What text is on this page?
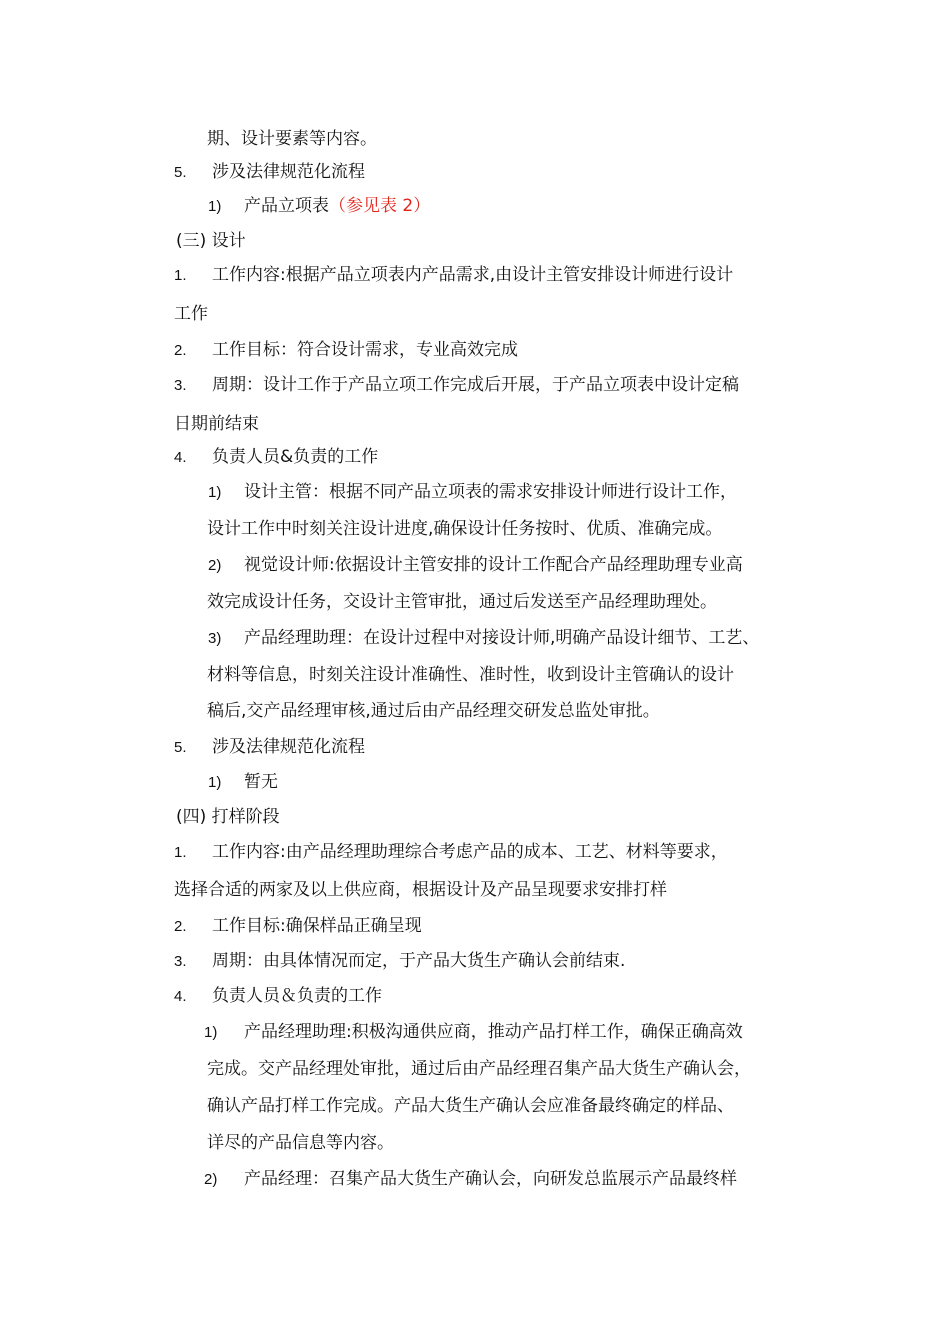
期、设计要素等内容。
5. 涉及法律规范化流程
1) 产品立项表（参见表 2）
(三) 设计
1. 工作内容:根据产品立项表内产品需求,由设计主管安排设计师进行设计
工作
2. 工作目标：符合设计需求，专业高效完成
3. 周期：设计工作于产品立项工作完成后开展，于产品立项表中设计定稿
日期前结束
4. 负责人员&负责的工作
1) 设计主管：根据不同产品立项表的需求安排设计师进行设计工作，
设计工作中时刻关注设计进度,确保设计任务按时、优质、准确完成。
2) 视觉设计师:依据设计主管安排的设计工作配合产品经理助理专业高
效完成设计任务，交设计主管审批，通过后发送至产品经理助理处。
3) 产品经理助理：在设计过程中对接设计师,明确产品设计细节、工艺、
材料等信息，时刻关注设计准确性、准时性，收到设计主管确认的设计
稿后,交产品经理审核,通过后由产品经理交研发总监处审批。
5. 涉及法律规范化流程
1) 暂无
(四) 打样阶段
1. 工作内容:由产品经理助理综合考虑产品的成本、工艺、材料等要求，
选择合适的两家及以上供应商，根据设计及产品呈现要求安排打样
2. 工作目标:确保样品正确呈现
3. 周期：由具体情况而定，于产品大货生产确认会前结束.
4. 负责人员＆负责的工作
1) 产品经理助理:积极沟通供应商，推动产品打样工作，确保正确高效
完成。交产品经理处审批，通过后由产品经理召集产品大货生产确认会，
确认产品打样工作完成。产品大货生产确认会应准备最终确定的样品、
详尽的产品信息等内容。
2) 产品经理：召集产品大货生产确认会，向研发总监展示产品最终样
